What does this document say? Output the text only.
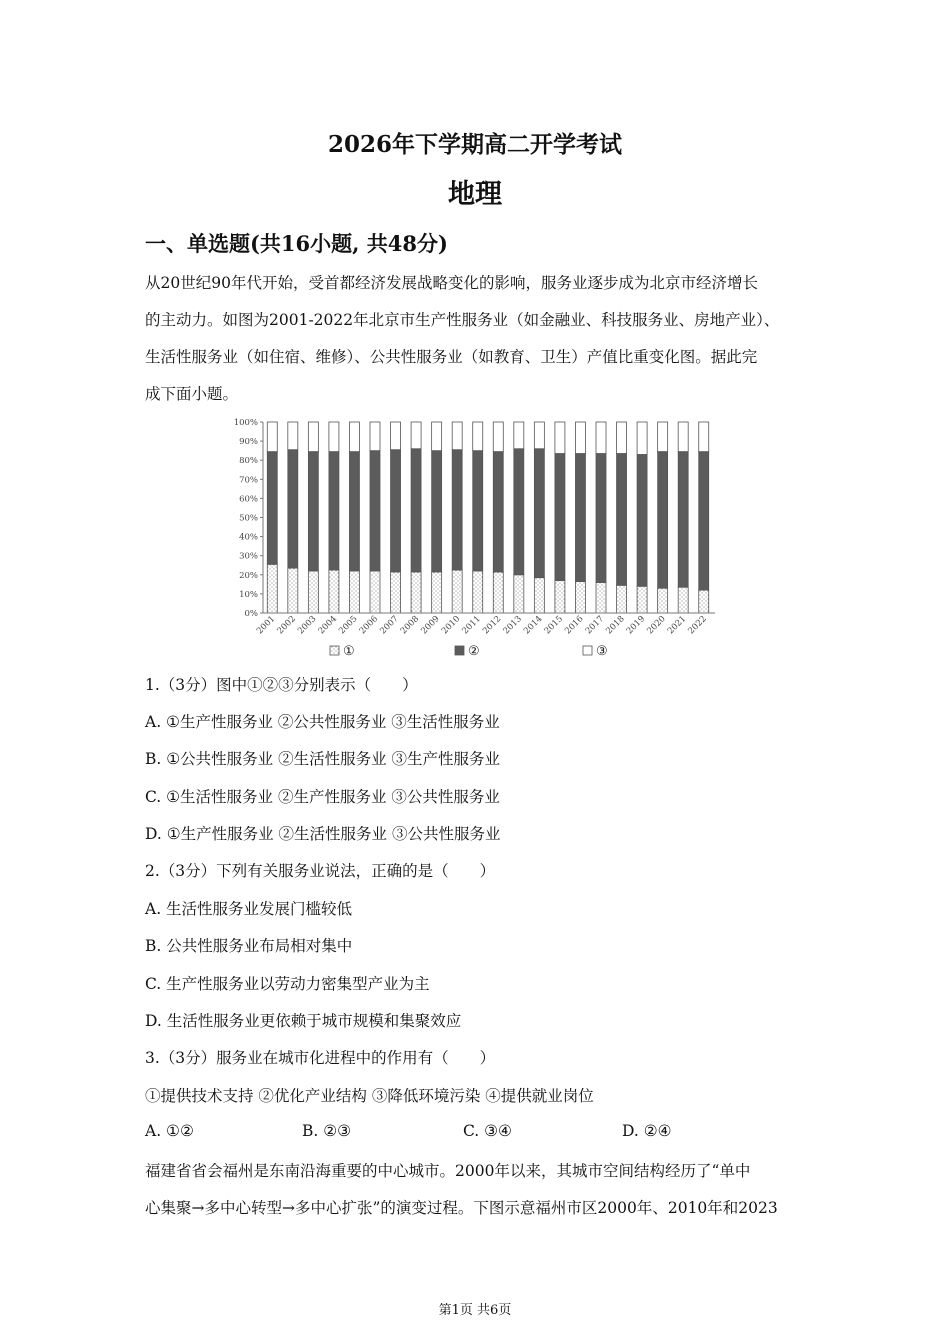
2026年下学期高二开学考试
地理
一、单选题(共16小题, 共48分)
从20世纪90年代开始，受首都经济发展战略变化的影响，服务业逐步成为北京市经济增长
的主动力。如图为2001-2022年北京市生产性服务业（如金融业、科技服务业、房地产业）、
生活性服务业（如住宿、维修）、公共性服务业（如教育、卫生）产值比重变化图。据此完
成下面小题。
0%
10%
20%
30%
40%
50%
60%
70%
80%
90%
100%
2001
2002
2003
2004
2005
2006
2007
2008
2009
2010
2011
2012
2013
2014
2015
2016
2017
2018
2019
2020
2021
2022
①	②	③
1.（3分）图中①②③分别表示（　　）
A. ①生产性服务业 ②公共性服务业 ③生活性服务业
B. ①公共性服务业 ②生活性服务业 ③生产性服务业
C. ①生活性服务业 ②生产性服务业 ③公共性服务业
D. ①生产性服务业 ②生活性服务业 ③公共性服务业
2.（3分）下列有关服务业说法，正确的是（　　）
A. 生活性服务业发展门槛较低
B. 公共性服务业布局相对集中
C. 生产性服务业以劳动力密集型产业为主
D. 生活性服务业更依赖于城市规模和集聚效应
3.（3分）服务业在城市化进程中的作用有（　　）
①提供技术支持 ②优化产业结构 ③降低环境污染 ④提供就业岗位
A. ①②	B. ②③	C. ③④	D. ②④
福建省省会福州是东南沿海重要的中心城市。2000年以来，其城市空间结构经历了“单中
心集聚→多中心转型→多中心扩张”的演变过程。下图示意福州市区2000年、2010年和2023
第1页 共6页
